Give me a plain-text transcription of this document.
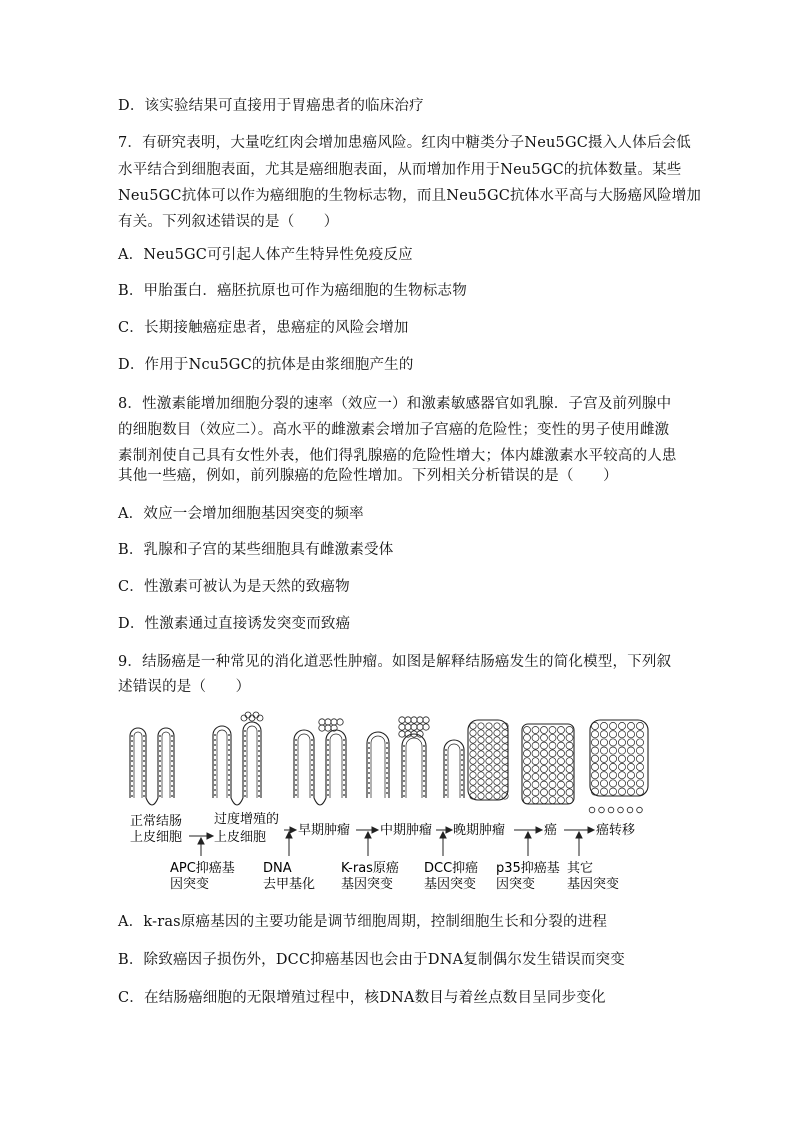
D．该实验结果可直接用于胃癌患者的临床治疗
7．有研究表明，大量吃红肉会增加患癌风险。红肉中糖类分子Neu5GC摄入人体后会低
水平结合到细胞表面，尤其是癌细胞表面，从而增加作用于Neu5GC的抗体数量。某些
Neu5GC抗体可以作为癌细胞的生物标志物，而且Neu5GC抗体水平高与大肠癌风险增加
有关。下列叙述错误的是（　　）
A．Neu5GC可引起人体产生特异性免疫反应
B．甲胎蛋白．癌胚抗原也可作为癌细胞的生物标志物
C．长期接触癌症患者，患癌症的风险会增加
D．作用于Ncu5GC的抗体是由浆细胞产生的
8．性激素能增加细胞分裂的速率（效应一）和激素敏感器官如乳腺．子宫及前列腺中
的细胞数目（效应二）。高水平的雌激素会增加子宫癌的危险性；变性的男子使用雌激
素制剂使自己具有女性外表，他们得乳腺癌的危险性增大；体内雄激素水平较高的人患
其他一些癌，例如，前列腺癌的危险性增加。下列相关分析错误的是（　　）
A．效应一会增加细胞基因突变的频率
B．乳腺和子宫的某些细胞具有雌激素受体
C．性激素可被认为是天然的致癌物
D．性激素通过直接诱发突变而致癌
9．结肠癌是一种常见的消化道恶性肿瘤。如图是解释结肠癌发生的简化模型，下列叙
述错误的是（　　）
正常结肠
上皮细胞
过度增殖的
上皮细胞 早期肿瘤 中期肿瘤 晚期肿瘤	癌	癌转移
APC抑癌基
因突变
DNA
去甲基化
K-ras原癌
基因突变
DCC抑癌
基因突变
p35抑癌基
因突变
其它
基因突变
A．k-ras原癌基因的主要功能是调节细胞周期，控制细胞生长和分裂的进程
B．除致癌因子损伤外，DCC抑癌基因也会由于DNA复制偶尔发生错误而突变
C．在结肠癌细胞的无限增殖过程中，核DNA数目与着丝点数目呈同步变化
